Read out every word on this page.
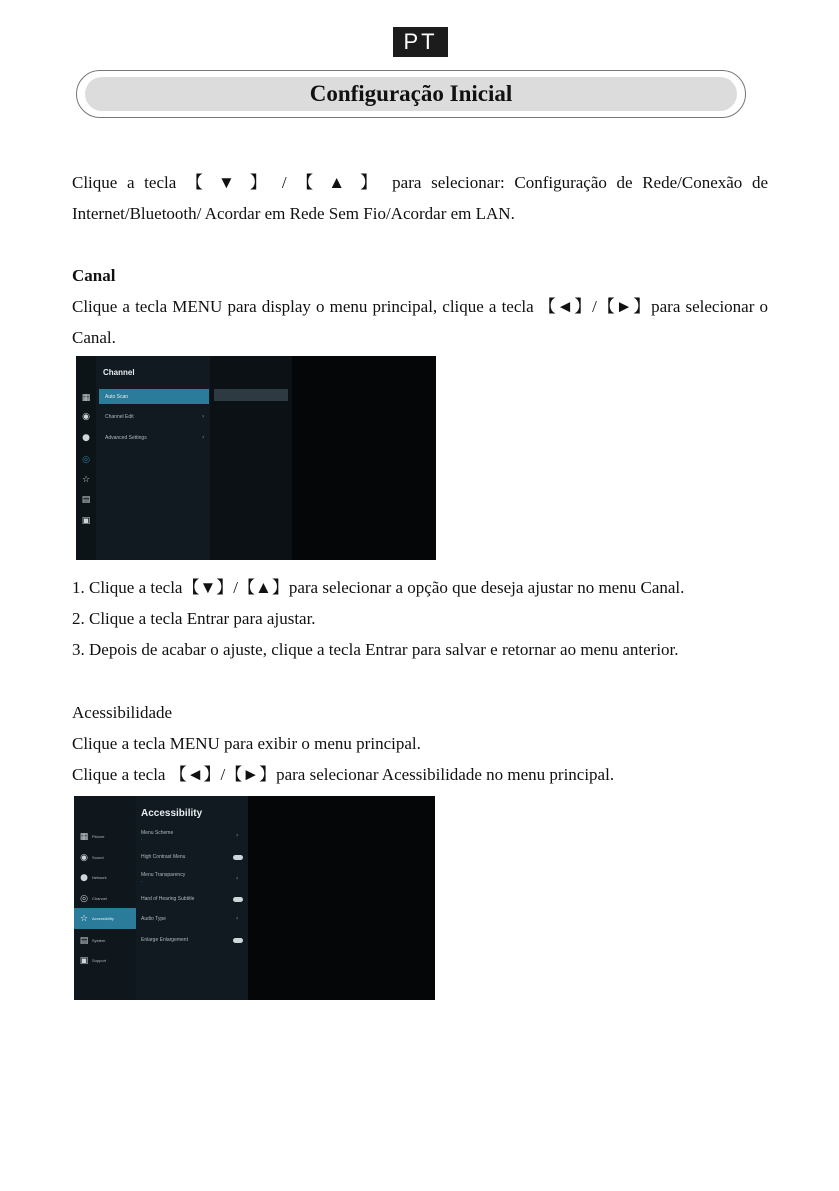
PT
Configuração Inicial
Clique a tecla 【 ▼ 】 / 【 ▲ 】 para selecionar: Configuração de Rede/Conexão de Internet/Bluetooth/ Acordar em Rede Sem Fio/Acordar em LAN.
Canal
Clique a tecla MENU para display o menu principal, clique a tecla 【◄】/【►】para selecionar o Canal.
▦
◉
●
◎
☆
▤
▣
Channel
Auto Scan
Channel Edit
Advanced Settings
›
›
1. Clique a tecla【▼】/【▲】para selecionar a opção que deseja ajustar no menu Canal.
2. Clique a tecla Entrar para ajustar.
3. Depois de acabar o ajuste, clique a tecla Entrar para salvar e retornar ao menu anterior.
Acessibilidade
Clique a tecla MENU para exibir o menu principal.
Clique a tecla 【◄】/【►】para selecionar Acessibilidade no menu principal.
▦ Picture
◉ Sound
● Network
◎ Channel
☆ Accessibility
▤ System
▣ Support
Accessibility
Menu Scheme
·
›
High Contrast Menu
Menu Transparency
·	›
Hard of Hearing Subtitle
Audio Type	›
Enlarge Enlargement
